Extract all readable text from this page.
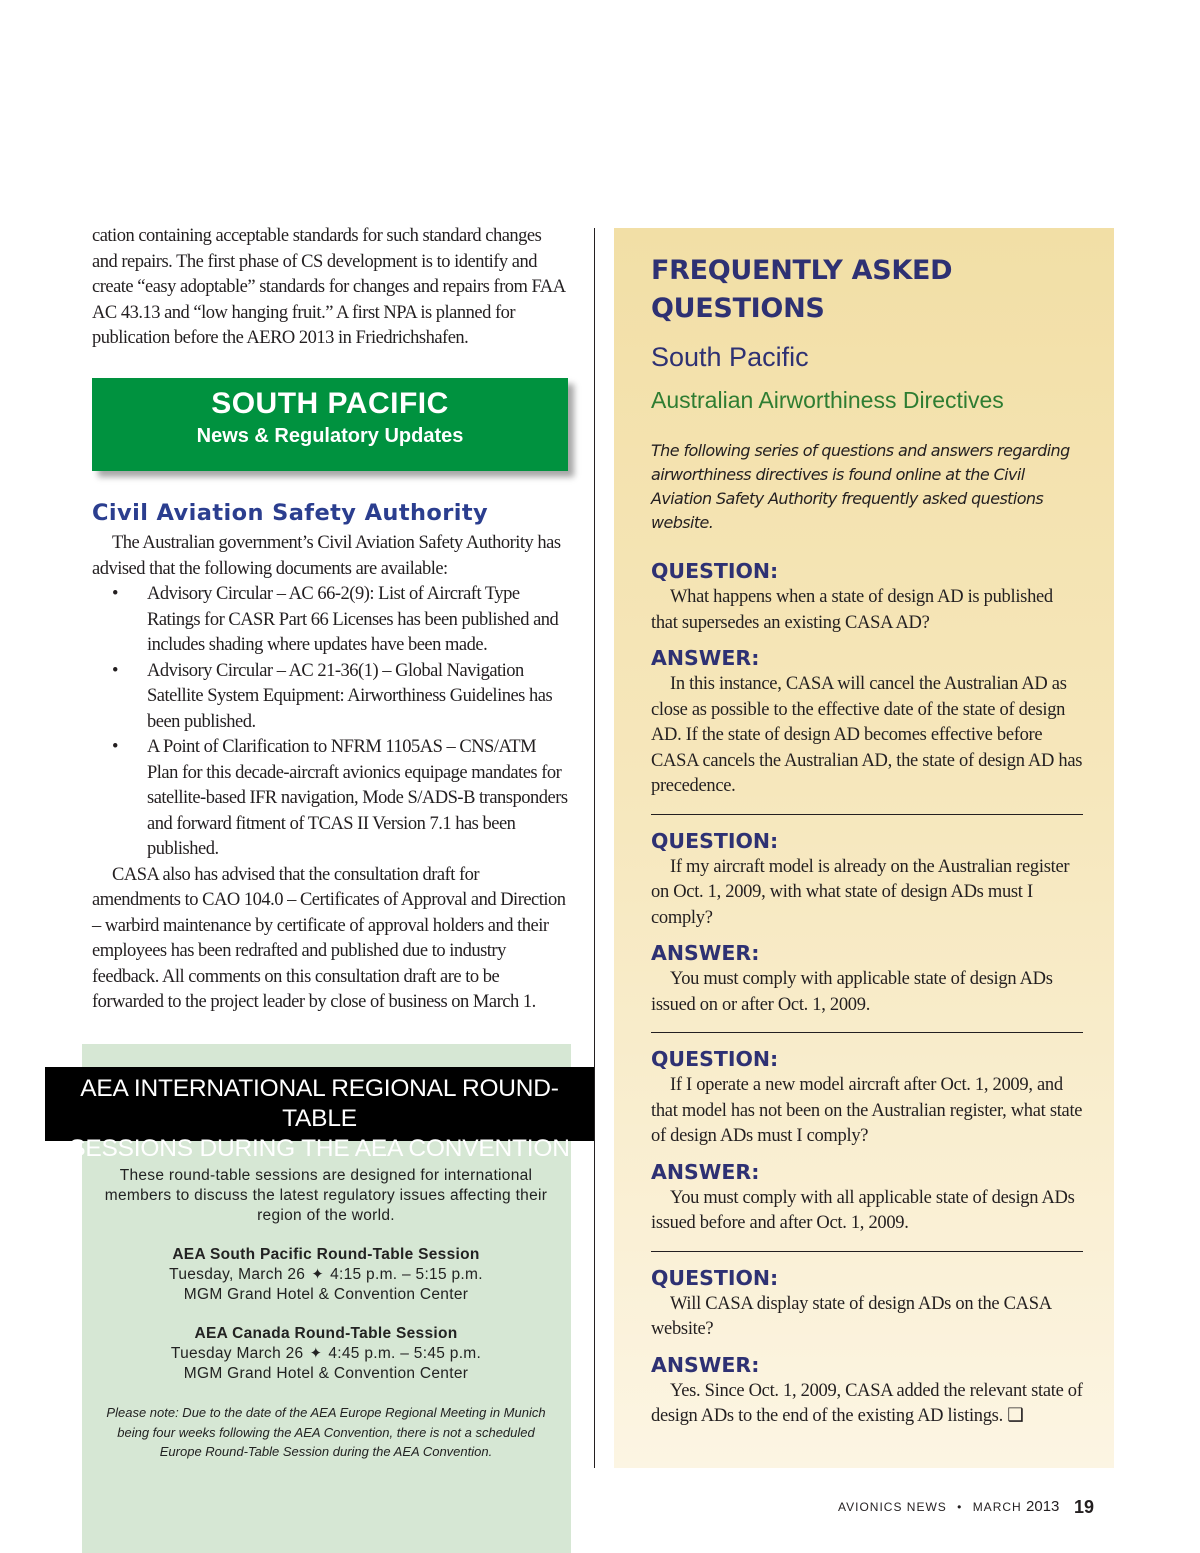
cation containing acceptable standards for such standard changes and repairs. The first phase of CS development is to identify and create “easy adoptable” standards for changes and repairs from FAA AC 43.13 and “low hanging fruit.” A first NPA is planned for publication before the AERO 2013 in Friedrichshafen.

SOUTH PACIFIC
News & Regulatory Updates
Civil Aviation Safety Authority

The Australian government’s Civil Aviation Safety Authority has advised that the following documents are available:

• Advisory Circular – AC 66-2(9): List of Aircraft Type Ratings for CASR Part 66 Licenses has been published and includes shading where updates have been made.
• Advisory Circular – AC 21-36(1) – Global Navigation Satellite System Equipment: Airworthiness Guidelines has been published.
• A Point of Clarification to NFRM 1105AS – CNS/ATM Plan for this decade-aircraft avionics equipage mandates for satellite-based IFR navigation, Mode S/ADS-B transponders and forward fitment of TCAS II Version 7.1 has been published.

CASA also has advised that the consultation draft for amendments to CAO 104.0 – Certificates of Approval and Direction – warbird maintenance by certificate of approval holders and their employees has been redrafted and published due to industry feedback. All comments on this consultation draft are to be forwarded to the project leader by close of business on March 1.

AEA INTERNATIONAL REGIONAL ROUND-TABLE
SESSIONS DURING THE AEA CONVENTION

These round-table sessions are designed for international members to discuss the latest regulatory issues affecting their region of the world.

AEA South Pacific Round-Table Session

Tuesday, March 26 ✦ 4:15 p.m. – 5:15 p.m.

MGM Grand Hotel & Convention Center

AEA Canada Round-Table Session

Tuesday March 26 ✦ 4:45 p.m. – 5:45 p.m.

MGM Grand Hotel & Convention Center

Please note: Due to the date of the AEA Europe Regional Meeting in Munich being four weeks following the AEA Convention, there is not a scheduled Europe Round-Table Session during the AEA Convention.

FREQUENTLY ASKED
QUESTIONS

South Pacific

Australian Airworthiness Directives

The following series of questions and answers regarding airworthiness directives is found online at the Civil Aviation Safety Authority frequently asked questions website.

QUESTION:

What happens when a state of design AD is published that supersedes an existing CASA AD?

ANSWER:

In this instance, CASA will cancel the Australian AD as close as possible to the effective date of the state of design AD. If the state of design AD becomes effective before CASA cancels the Australian AD, the state of design AD has precedence.

QUESTION:

If my aircraft model is already on the Australian register on Oct. 1, 2009, with what state of design ADs must I comply?

ANSWER:

You must comply with applicable state of design ADs issued on or after Oct. 1, 2009.

QUESTION:

If I operate a new model aircraft after Oct. 1, 2009, and that model has not been on the Australian register, what state of design ADs must I comply?

ANSWER:

You must comply with all applicable state of design ADs issued before and after Oct. 1, 2009.

QUESTION:

Will CASA display state of design ADs on the CASA website?

ANSWER:

Yes. Since Oct. 1, 2009, CASA added the relevant state of design ADs to the end of the existing AD listings. ❑

AVIONICS NEWS • MARCH 2013 19
